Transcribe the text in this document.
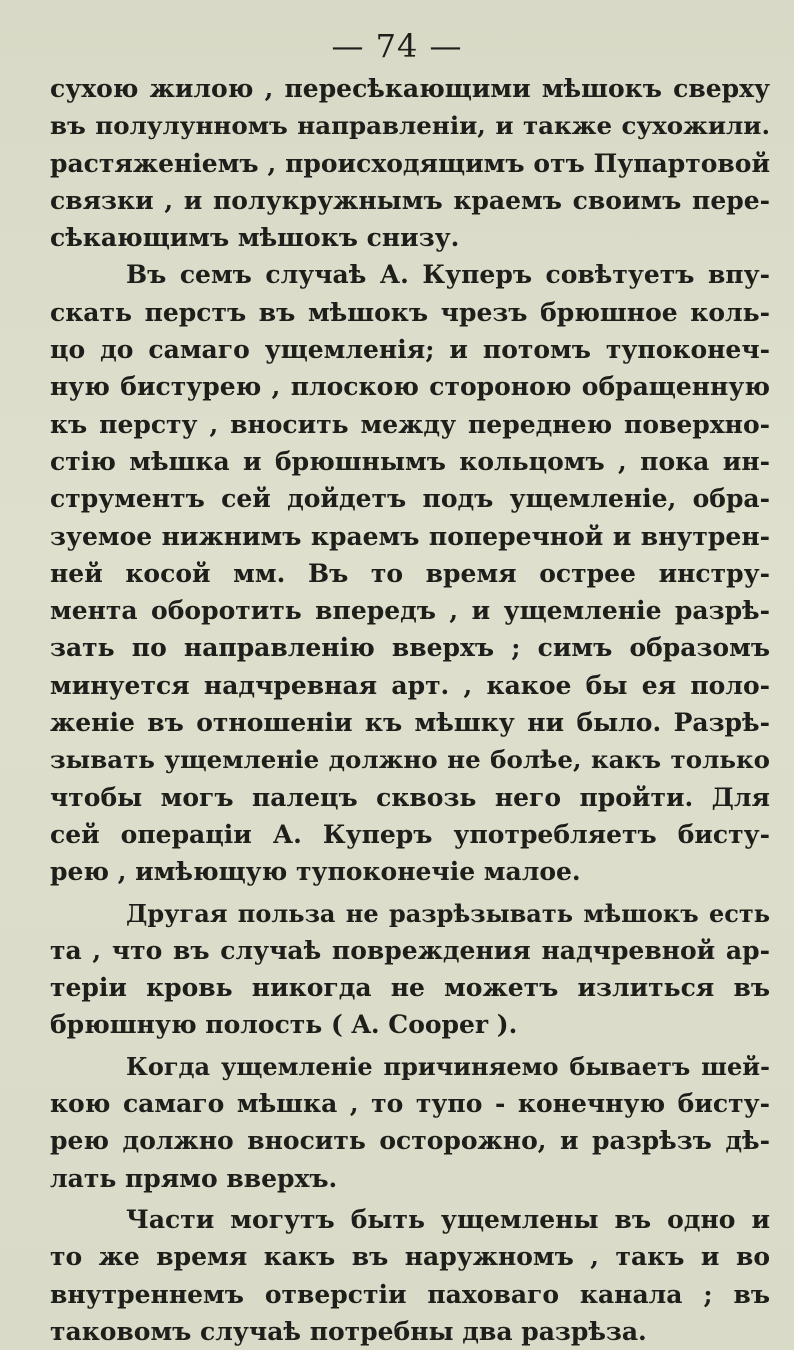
— 74 —
сухою жилою , пересѣкающими мѣшокъ сверху
въ полулунномъ направленіи, и также сухожили.
растяженіемъ , происходящимъ отъ Пупартовой
связки , и полукружнымъ краемъ своимъ пере-
сѣкающимъ мѣшокъ снизу.
Въ семъ случаѣ А. Куперъ совѣтуетъ впу-
скать перстъ въ мѣшокъ чрезъ брюшное коль-
цо до самаго ущемленія; и потомъ тупоконеч-
ную бистурею , плоскою стороною обращенную
къ персту , вносить между переднею поверхно-
стію мѣшка и брюшнымъ кольцомъ , пока ин-
струментъ сей дойдетъ подъ ущемленіе, обра-
зуемое нижнимъ краемъ поперечной и внутрен-
ней косой мм. Въ то время острее инстру-
мента оборотить впередъ , и ущемленіе разрѣ-
зать по направленію вверхъ ; симъ образомъ
минуется надчревная арт. , какое бы ея поло-
женіе въ отношеніи къ мѣшку ни было. Разрѣ-
зывать ущемленіе должно не болѣе, какъ только
чтобы могъ палецъ сквозь него пройти. Для
сей операціи А. Куперъ употребляетъ бисту-
рею , имѣющую тупоконечіе малое.
Другая польза не разрѣзывать мѣшокъ есть
та , что въ случаѣ повреждения надчревной ар-
теріи кровь никогда не можетъ излиться въ
брюшную полость ( A. Cooper ).
Когда ущемленіе причиняемо бываетъ шей-
кою самаго мѣшка , то тупо - конечную бисту-
рею должно вносить осторожно, и разрѣзъ дѣ-
лать прямо вверхъ.
Части могутъ быть ущемлены въ одно и
то же время какъ въ наружномъ , такъ и во
внутреннемъ отверстіи паховаго канала ; въ
таковомъ случаѣ потребны два разрѣза.
